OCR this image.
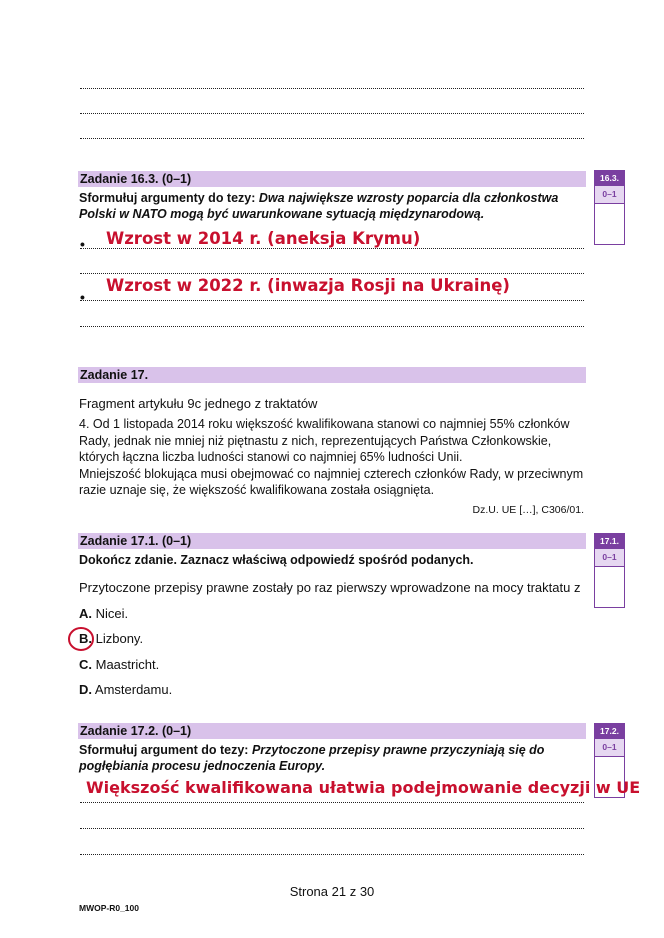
Zadanie 16.3. (0–1)	16.3.
0–1
Sformułuj argumenty do tezy: Dwa największe wzrosty poparcia dla członkostwa
Polski w NATO mogą być uwarunkowane sytuacją międzynarodową.
• Wzrost w 2014 r. (aneksja Krymu)
•
Wzrost w 2022 r. (inwazja Rosji na Ukrainę)
Zadanie 17.
Fragment artykułu 9c jednego z traktatów
4. Od 1 listopada 2014 roku większość kwalifikowana stanowi co najmniej 55% członków
Rady, jednak nie mniej niż piętnastu z nich, reprezentujących Państwa Członkowskie,
których łączna liczba ludności stanowi co najmniej 65% ludności Unii.
Mniejszość blokująca musi obejmować co najmniej czterech członków Rady, w przeciwnym
razie uznaje się, że większość kwalifikowana została osiągnięta.
Dz.U. UE […], C306/01.
Zadanie 17.1. (0–1)	17.1.
0–1
Dokończ zdanie. Zaznacz właściwą odpowiedź spośród podanych.
Przytoczone przepisy prawne zostały po raz pierwszy wprowadzone na mocy traktatu z
A. Nicei.
B. Lizbony.
C. Maastricht.
D. Amsterdamu.
Zadanie 17.2. (0–1)	17.2.
0–1
Sformułuj argument do tezy: Przytoczone przepisy prawne przyczyniają się do
pogłębiania procesu jednoczenia Europy.
Większość kwalifikowana ułatwia podejmowanie decyzji w UE
Strona 21 z 30
MWOP-R0_100
